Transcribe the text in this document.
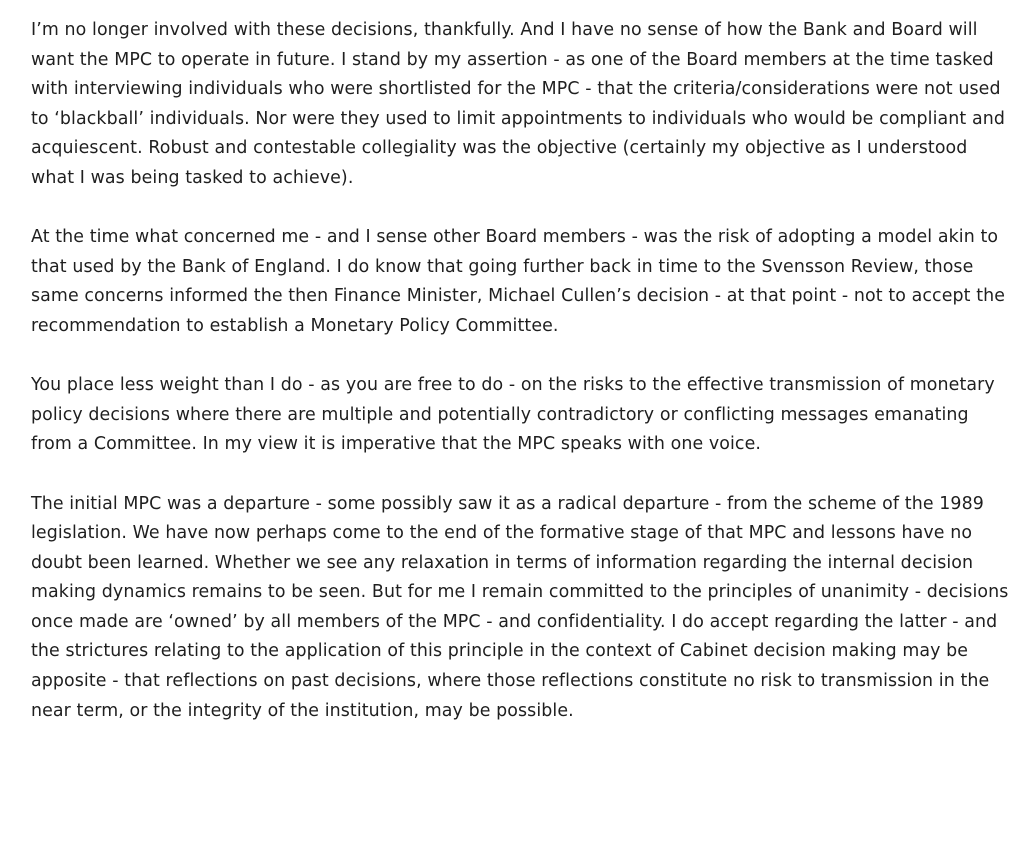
I’m no longer involved with these decisions, thankfully. And I have no sense of how the Bank and Board will want the MPC to operate in future. I stand by my assertion - as one of the Board members at the time tasked with interviewing individuals who were shortlisted for the MPC - that the criteria/considerations were not used to ‘blackball’ individuals. Nor were they used to limit appointments to individuals who would be compliant and acquiescent. Robust and contestable collegiality was the objective (certainly my objective as I understood what I was being tasked to achieve).

At the time what concerned me - and I sense other Board members - was the risk of adopting a model akin to that used by the Bank of England. I do know that going further back in time to the Svensson Review, those same concerns informed the then Finance Minister, Michael Cullen’s decision - at that point - not to accept the recommendation to establish a Monetary Policy Committee.

You place less weight than I do - as you are free to do - on the risks to the effective transmission of monetary policy decisions where there are multiple and potentially contradictory or conflicting messages emanating from a Committee. In my view it is imperative that the MPC speaks with one voice.

The initial MPC was a departure - some possibly saw it as a radical departure - from the scheme of the 1989 legislation. We have now perhaps come to the end of the formative stage of that MPC and lessons have no doubt been learned. Whether we see any relaxation in terms of information regarding the internal decision making dynamics remains to be seen. But for me I remain committed to the principles of unanimity - decisions once made are ‘owned’ by all members of the MPC - and confidentiality. I do accept regarding the latter - and the strictures relating to the application of this principle in the context of Cabinet decision making may be apposite - that reflections on past decisions, where those reflections constitute no risk to transmission in the near term, or the integrity of the institution, may be possible.
